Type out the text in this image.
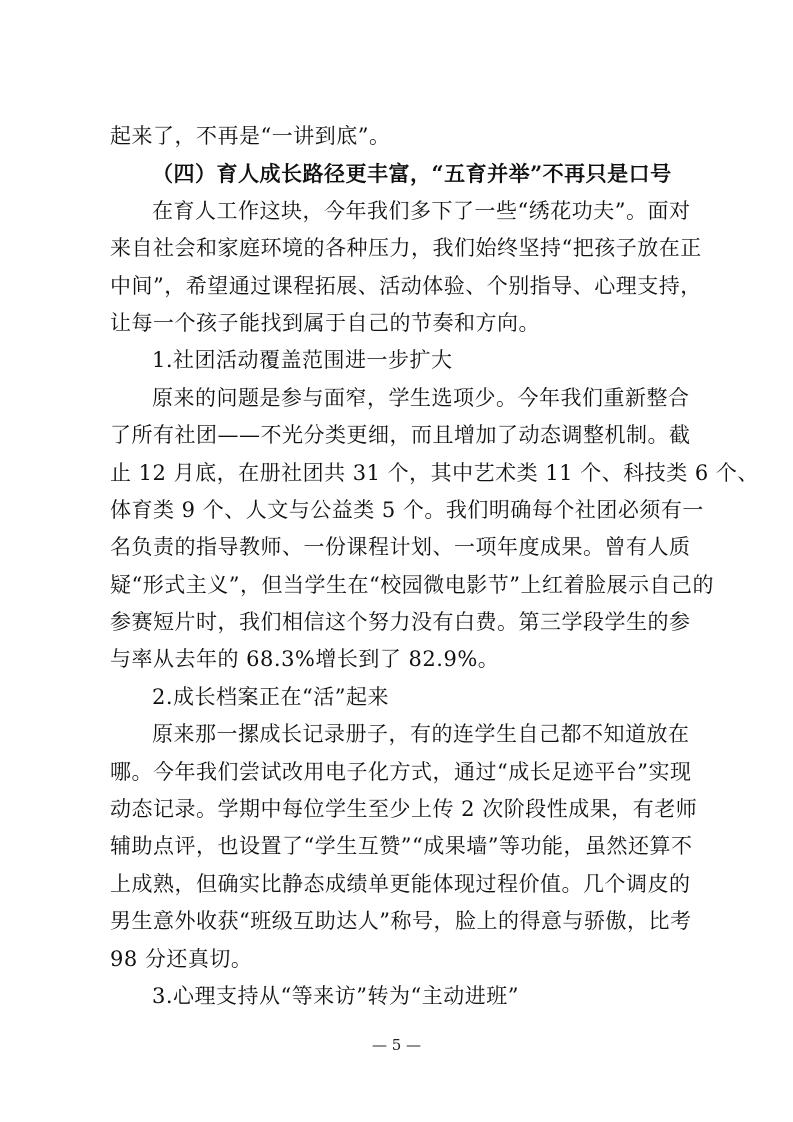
起来了，不再是“一讲到底”。
（四）育人成长路径更丰富，“五育并举”不再只是口号
在育人工作这块，今年我们多下了一些“绣花功夫”。面对
来自社会和家庭环境的各种压力，我们始终坚持“把孩子放在正
中间”，希望通过课程拓展、活动体验、个别指导、心理支持，
让每一个孩子能找到属于自己的节奏和方向。
1.社团活动覆盖范围进一步扩大
原来的问题是参与面窄，学生选项少。今年我们重新整合
了所有社团——不光分类更细，而且增加了动态调整机制。截
止 12 月底，在册社团共 31 个，其中艺术类 11 个、科技类 6 个、
体育类 9 个、人文与公益类 5 个。我们明确每个社团必须有一
名负责的指导教师、一份课程计划、一项年度成果。曾有人质
疑“形式主义”，但当学生在“校园微电影节”上红着脸展示自己的
参赛短片时，我们相信这个努力没有白费。第三学段学生的参
与率从去年的 68.3%增长到了 82.9%。
2.成长档案正在“活”起来
原来那一摞成长记录册子，有的连学生自己都不知道放在
哪。今年我们尝试改用电子化方式，通过“成长足迹平台”实现
动态记录。学期中每位学生至少上传 2 次阶段性成果，有老师
辅助点评，也设置了“学生互赞”“成果墙”等功能，虽然还算不
上成熟，但确实比静态成绩单更能体现过程价值。几个调皮的
男生意外收获“班级互助达人”称号，脸上的得意与骄傲，比考
98 分还真切。
3.心理支持从“等来访”转为“主动进班”
— 5 —
